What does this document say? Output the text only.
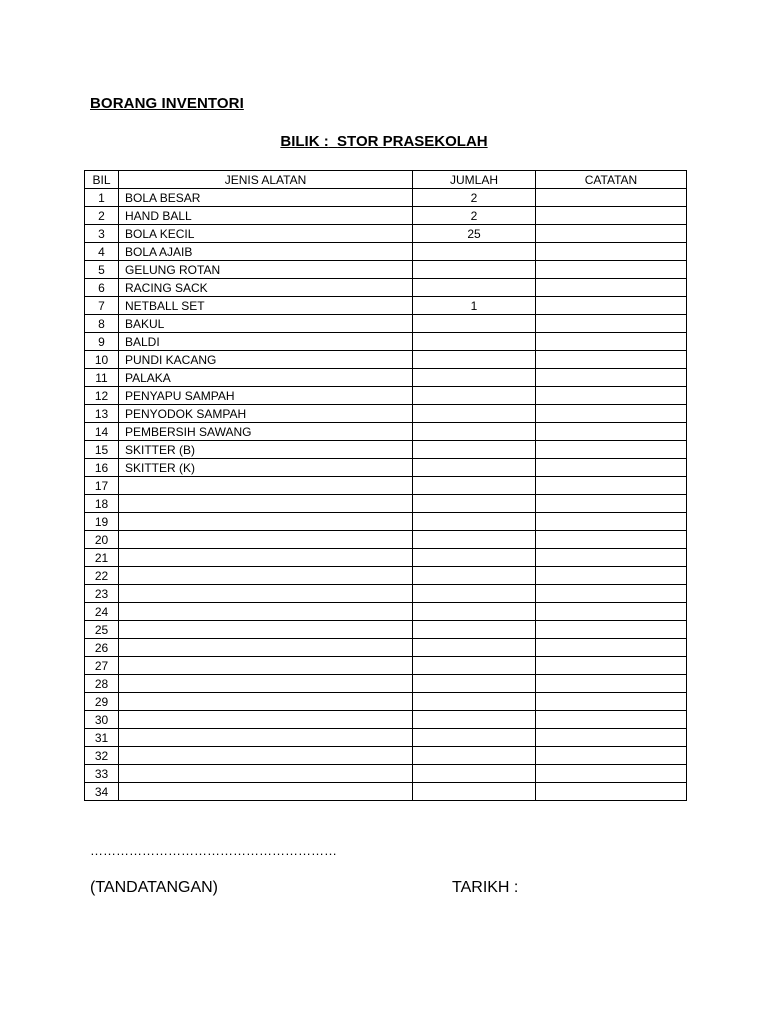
BORANG INVENTORI
BILIK : STOR PRASEKOLAH
BIL	JENIS ALATAN	JUMLAH	CATATAN
1	BOLA BESAR	2	
2	HAND BALL	2	
3	BOLA KECIL	25	
4	BOLA AJAIB		
5	GELUNG ROTAN		
6	RACING SACK		
7	NETBALL SET	1	
8	BAKUL		
9	BALDI		
10	PUNDI KACANG		
11	PALAKA		
12	PENYAPU SAMPAH		
13	PENYODOK SAMPAH		
14	PEMBERSIH SAWANG		
15	SKITTER (B)		
16	SKITTER (K)		
17			
18			
19			
20			
21			
22			
23			
24			
25			
26			
27			
28			
29			
30			
31			
32			
33			
34			
…………………………………………………
(TANDATANGAN)	TARIKH :
